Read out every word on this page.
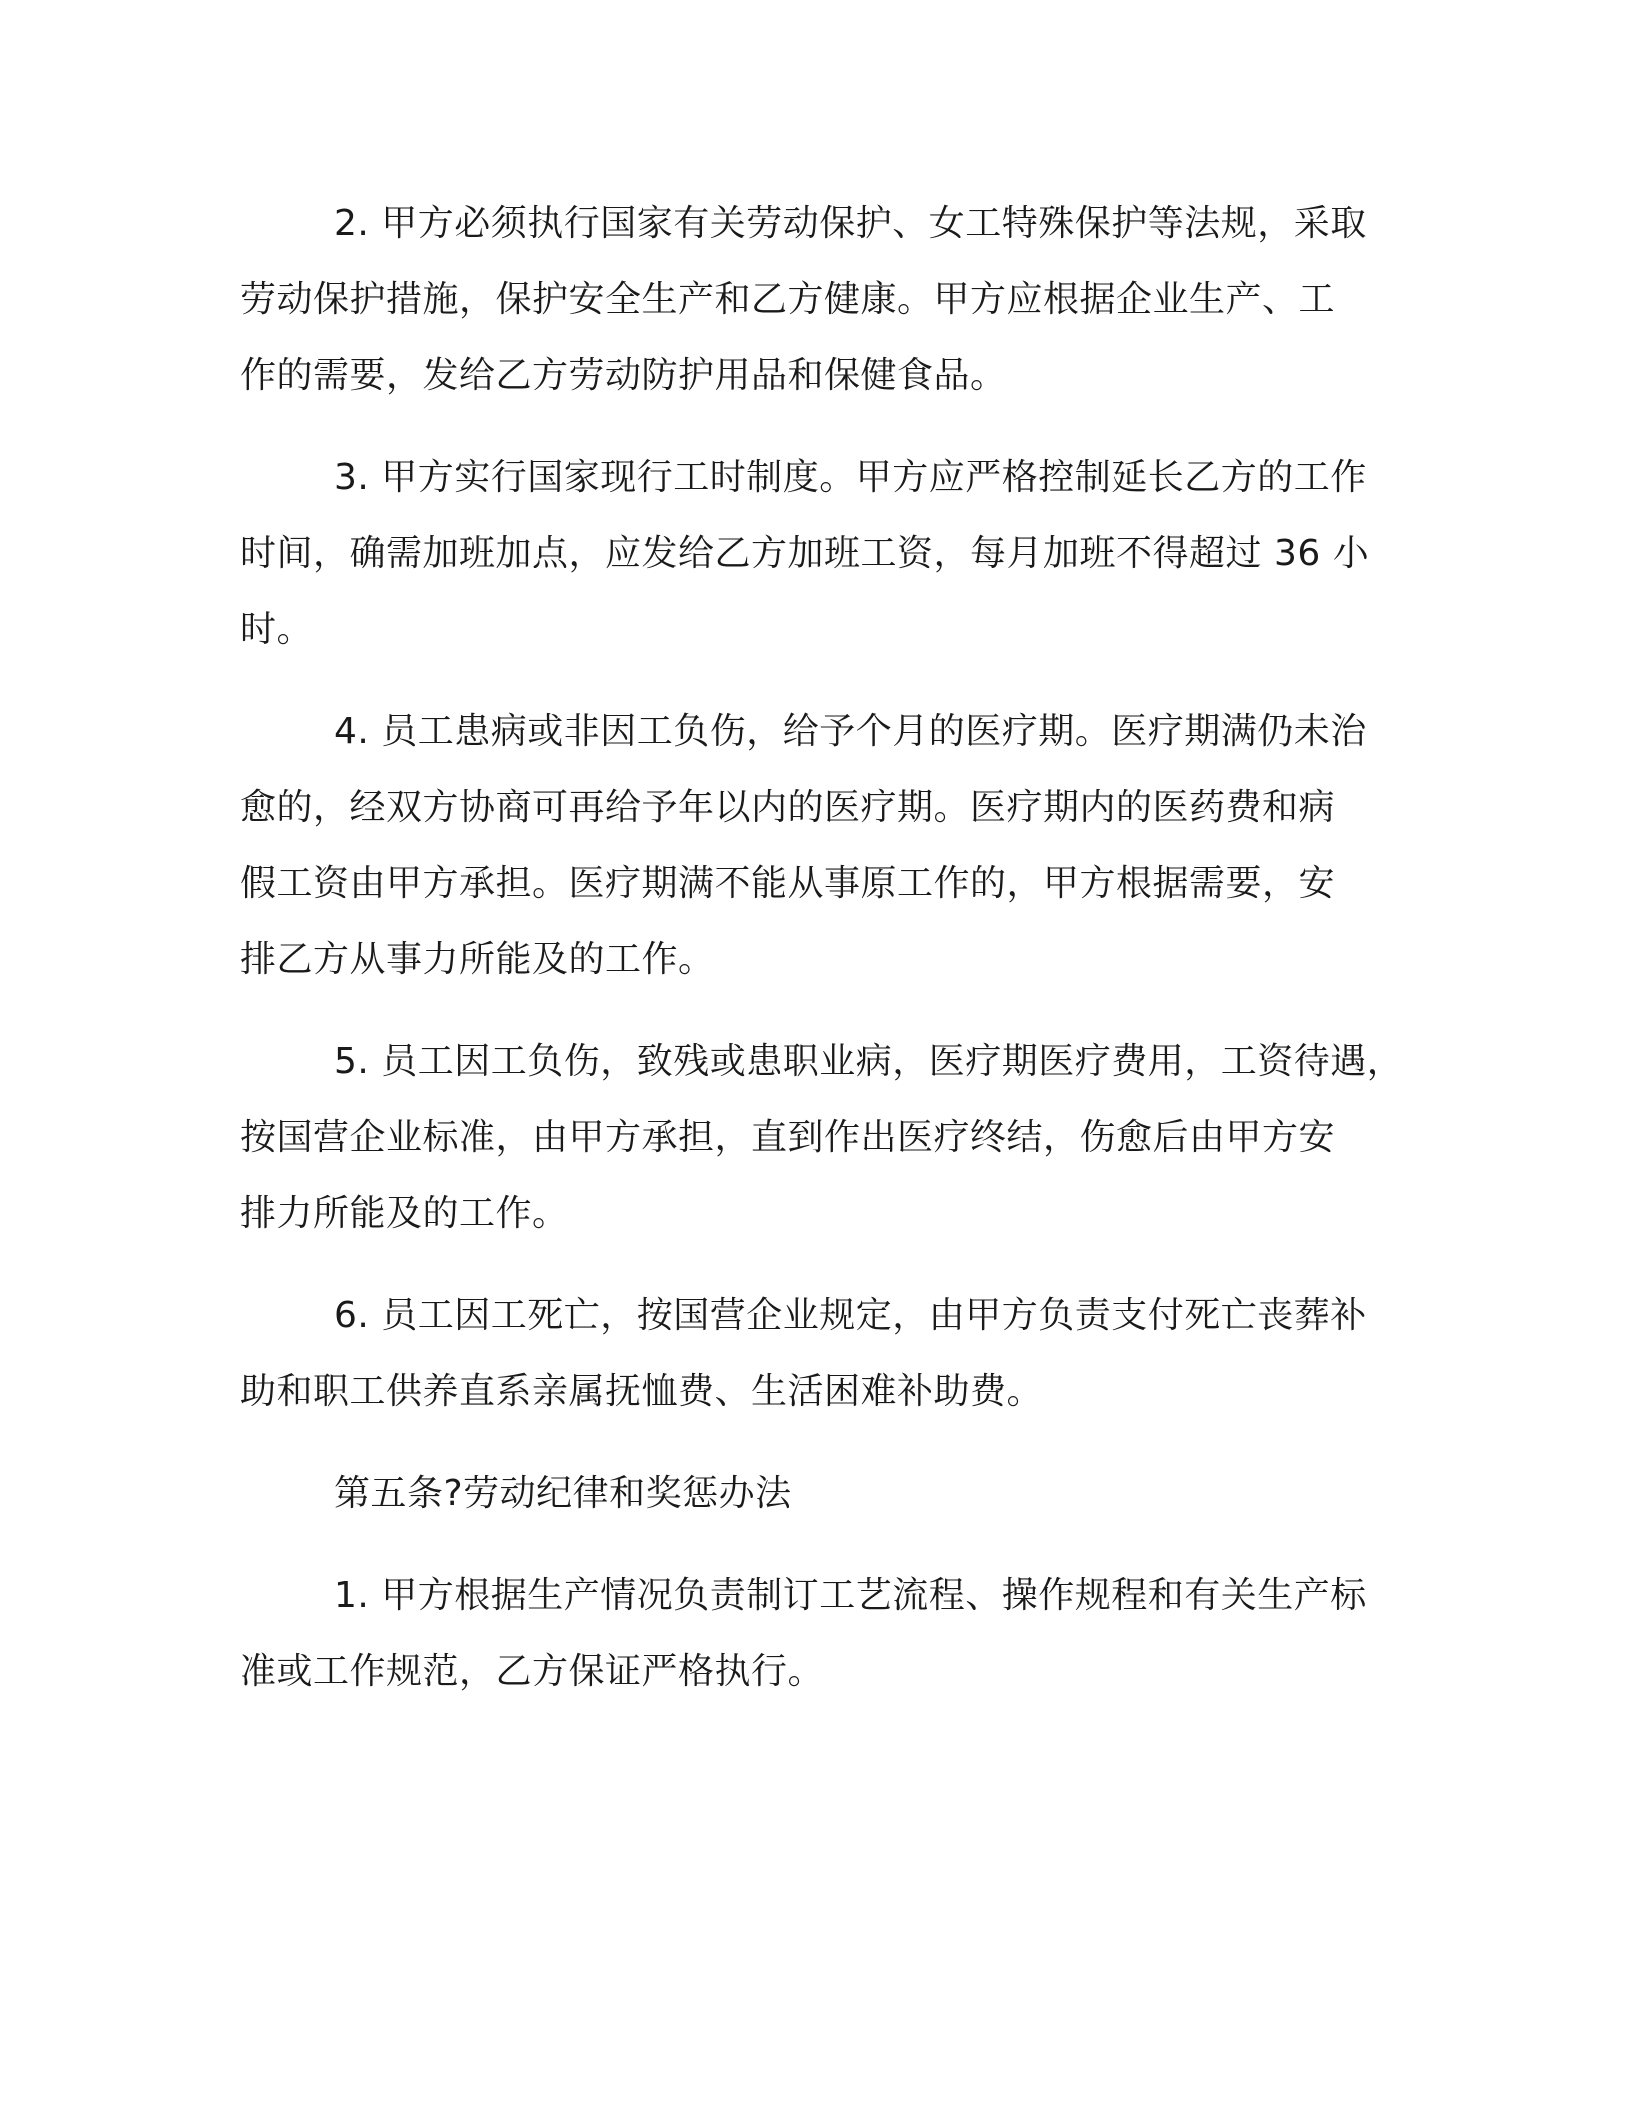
2. 甲方必须执行国家有关劳动保护、女工特殊保护等法规，采取
劳动保护措施，保护安全生产和乙方健康。甲方应根据企业生产、工
作的需要，发给乙方劳动防护用品和保健食品。

3. 甲方实行国家现行工时制度。甲方应严格控制延长乙方的工作
时间，确需加班加点，应发给乙方加班工资，每月加班不得超过 36 小
时。

4. 员工患病或非因工负伤，给予个月的医疗期。医疗期满仍未治
愈的，经双方协商可再给予年以内的医疗期。医疗期内的医药费和病
假工资由甲方承担。医疗期满不能从事原工作的，甲方根据需要，安
排乙方从事力所能及的工作。

5. 员工因工负伤，致残或患职业病，医疗期医疗费用，工资待遇，
按国营企业标准，由甲方承担，直到作出医疗终结，伤愈后由甲方安
排力所能及的工作。

6. 员工因工死亡，按国营企业规定，由甲方负责支付死亡丧葬补
助和职工供养直系亲属抚恤费、生活困难补助费。

第五条?劳动纪律和奖惩办法

1. 甲方根据生产情况负责制订工艺流程、操作规程和有关生产标
准或工作规范，乙方保证严格执行。
